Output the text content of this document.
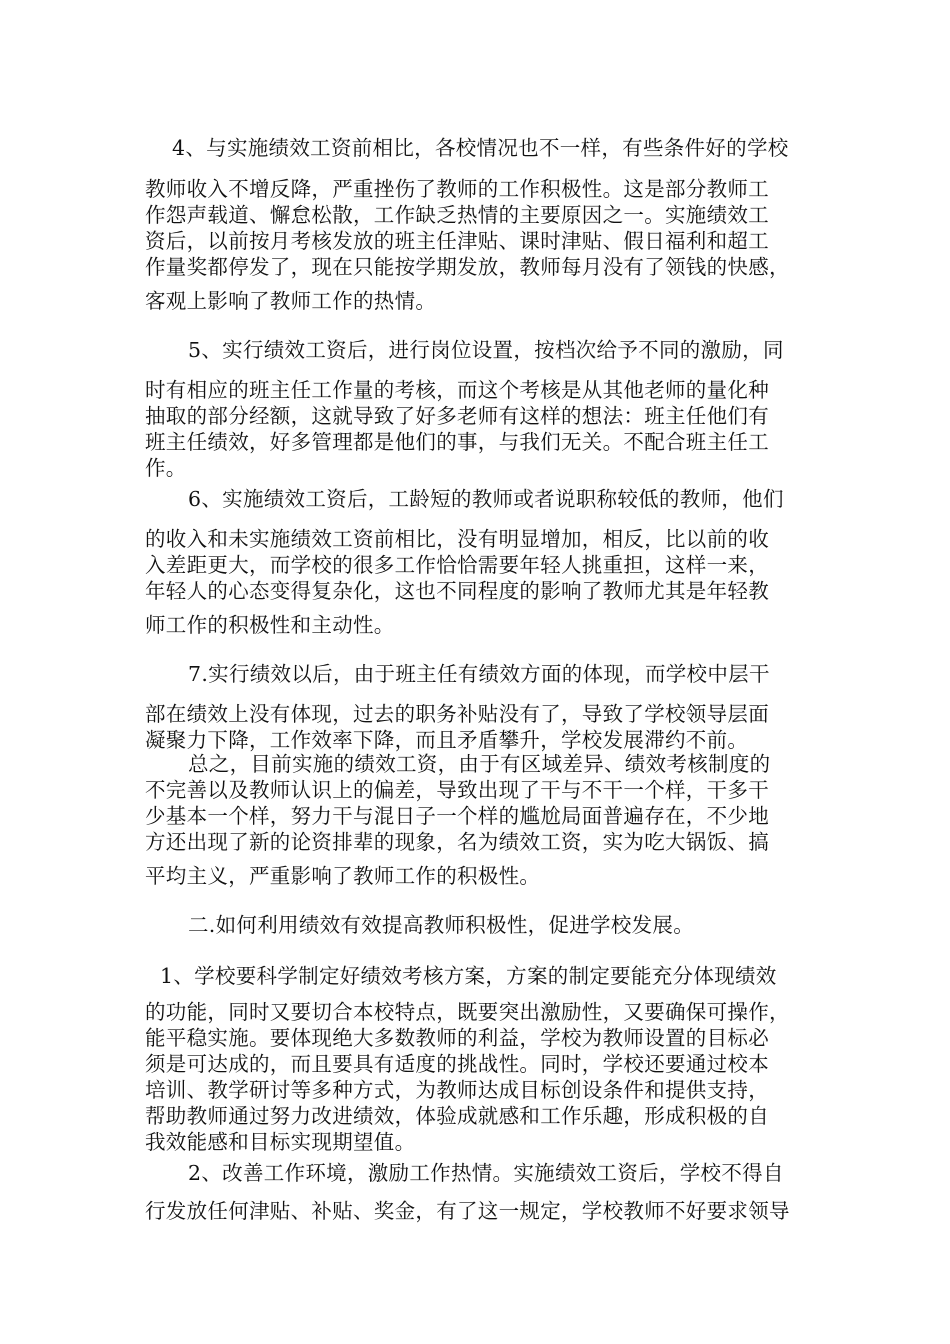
4、与实施绩效工资前相比，各校情况也不一样，有些条件好的学校
教师收入不增反降，严重挫伤了教师的工作积极性。这是部分教师工
作怨声载道、懈怠松散，工作缺乏热情的主要原因之一。实施绩效工
资后，以前按月考核发放的班主任津贴、课时津贴、假日福利和超工
作量奖都停发了，现在只能按学期发放，教师每月没有了领钱的快感，
客观上影响了教师工作的热情。
5、实行绩效工资后，进行岗位设置，按档次给予不同的激励，同
时有相应的班主任工作量的考核，而这个考核是从其他老师的量化种
抽取的部分经额，这就导致了好多老师有这样的想法：班主任他们有
班主任绩效，好多管理都是他们的事，与我们无关。不配合班主任工
作。
6、实施绩效工资后，工龄短的教师或者说职称较低的教师，他们
的收入和未实施绩效工资前相比，没有明显增加，相反，比以前的收
入差距更大，而学校的很多工作恰恰需要年轻人挑重担，这样一来，
年轻人的心态变得复杂化，这也不同程度的影响了教师尤其是年轻教
师工作的积极性和主动性。
7.实行绩效以后，由于班主任有绩效方面的体现，而学校中层干
部在绩效上没有体现，过去的职务补贴没有了，导致了学校领导层面
凝聚力下降，工作效率下降，而且矛盾攀升，学校发展滞约不前。
总之，目前实施的绩效工资，由于有区域差异、绩效考核制度的
不完善以及教师认识上的偏差，导致出现了干与不干一个样，干多干
少基本一个样，努力干与混日子一个样的尴尬局面普遍存在，不少地
方还出现了新的论资排辈的现象，名为绩效工资，实为吃大锅饭、搞
平均主义，严重影响了教师工作的积极性。
二.如何利用绩效有效提高教师积极性，促进学校发展。
1、学校要科学制定好绩效考核方案，方案的制定要能充分体现绩效
的功能，同时又要切合本校特点，既要突出激励性，又要确保可操作，
能平稳实施。要体现绝大多数教师的利益，学校为教师设置的目标必
须是可达成的，而且要具有适度的挑战性。同时，学校还要通过校本
培训、教学研讨等多种方式，为教师达成目标创设条件和提供支持，
帮助教师通过努力改进绩效，体验成就感和工作乐趣，形成积极的自
我效能感和目标实现期望值。
2、改善工作环境，激励工作热情。实施绩效工资后，学校不得自
行发放任何津贴、补贴、奖金，有了这一规定，学校教师不好要求领导
